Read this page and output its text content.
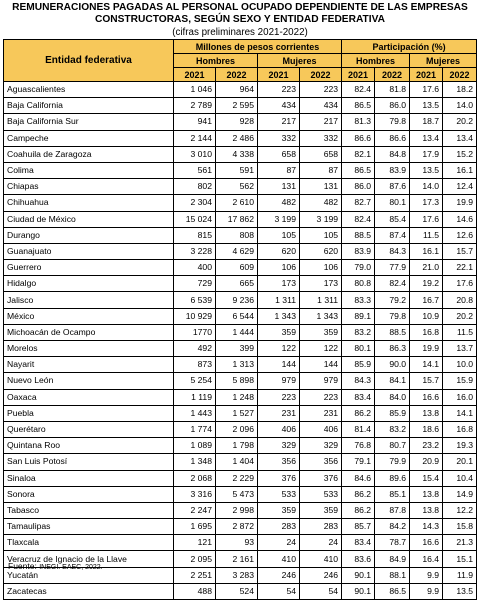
REMUNERACIONES PAGADAS AL PERSONAL OCUPADO DEPENDIENTE DE LAS EMPRESAS
CONSTRUCTORAS, SEGÚN SEXO Y ENTIDAD FEDERATIVA
(cifras preliminares 2021-2022)
Entidad federativa	Millones de pesos corrientes				Participación (%)			
	Hombres		Mujeres		Hombres		Mujeres	
	2021	2022	2021	2022	2021	2022	2021	2022
Aguascalientes	1 046	964	223	223	82.4	81.8	17.6	18.2
Baja California	2 789	2 595	434	434	86.5	86.0	13.5	14.0
Baja California Sur	941	928	217	217	81.3	79.8	18.7	20.2
Campeche	2 144	2 486	332	332	86.6	86.6	13.4	13.4
Coahuila de Zaragoza	3 010	4 338	658	658	82.1	84.8	17.9	15.2
Colima	561	591	87	87	86.5	83.9	13.5	16.1
Chiapas	802	562	131	131	86.0	87.6	14.0	12.4
Chihuahua	2 304	2 610	482	482	82.7	80.1	17.3	19.9
Ciudad de México	15 024	17 862	3 199	3 199	82.4	85.4	17.6	14.6
Durango	815	808	105	105	88.5	87.4	11.5	12.6
Guanajuato	3 228	4 629	620	620	83.9	84.3	16.1	15.7
Guerrero	400	609	106	106	79.0	77.9	21.0	22.1
Hidalgo	729	665	173	173	80.8	82.4	19.2	17.6
Jalisco	6 539	9 236	1 311	1 311	83.3	79.2	16.7	20.8
México	10 929	6 544	1 343	1 343	89.1	79.8	10.9	20.2
Michoacán de Ocampo	1770	1 444	359	359	83.2	88.5	16.8	11.5
Morelos	492	399	122	122	80.1	86.3	19.9	13.7
Nayarit	873	1 313	144	144	85.9	90.0	14.1	10.0
Nuevo León	5 254	5 898	979	979	84.3	84.1	15.7	15.9
Oaxaca	1 119	1 248	223	223	83.4	84.0	16.6	16.0
Puebla	1 443	1 527	231	231	86.2	85.9	13.8	14.1
Querétaro	1 774	2 096	406	406	81.4	83.2	18.6	16.8
Quintana Roo	1 089	1 798	329	329	76.8	80.7	23.2	19.3
San Luis Potosí	1 348	1 404	356	356	79.1	79.9	20.9	20.1
Sinaloa	2 068	2 229	376	376	84.6	89.6	15.4	10.4
Sonora	3 316	5 473	533	533	86.2	85.1	13.8	14.9
Tabasco	2 247	2 998	359	359	86.2	87.8	13.8	12.2
Tamaulipas	1 695	2 872	283	283	85.7	84.2	14.3	15.8
Tlaxcala	121	93	24	24	83.4	78.7	16.6	21.3
Veracruz de Ignacio de la Llave	2 095	2 161	410	410	83.6	84.9	16.4	15.1
Yucatán	2 251	3 283	246	246	90.1	88.1	9.9	11.9
Zacatecas	488	524	54	54	90.1	86.5	9.9	13.5
Fuente: INEGI. EAEC, 2022.
